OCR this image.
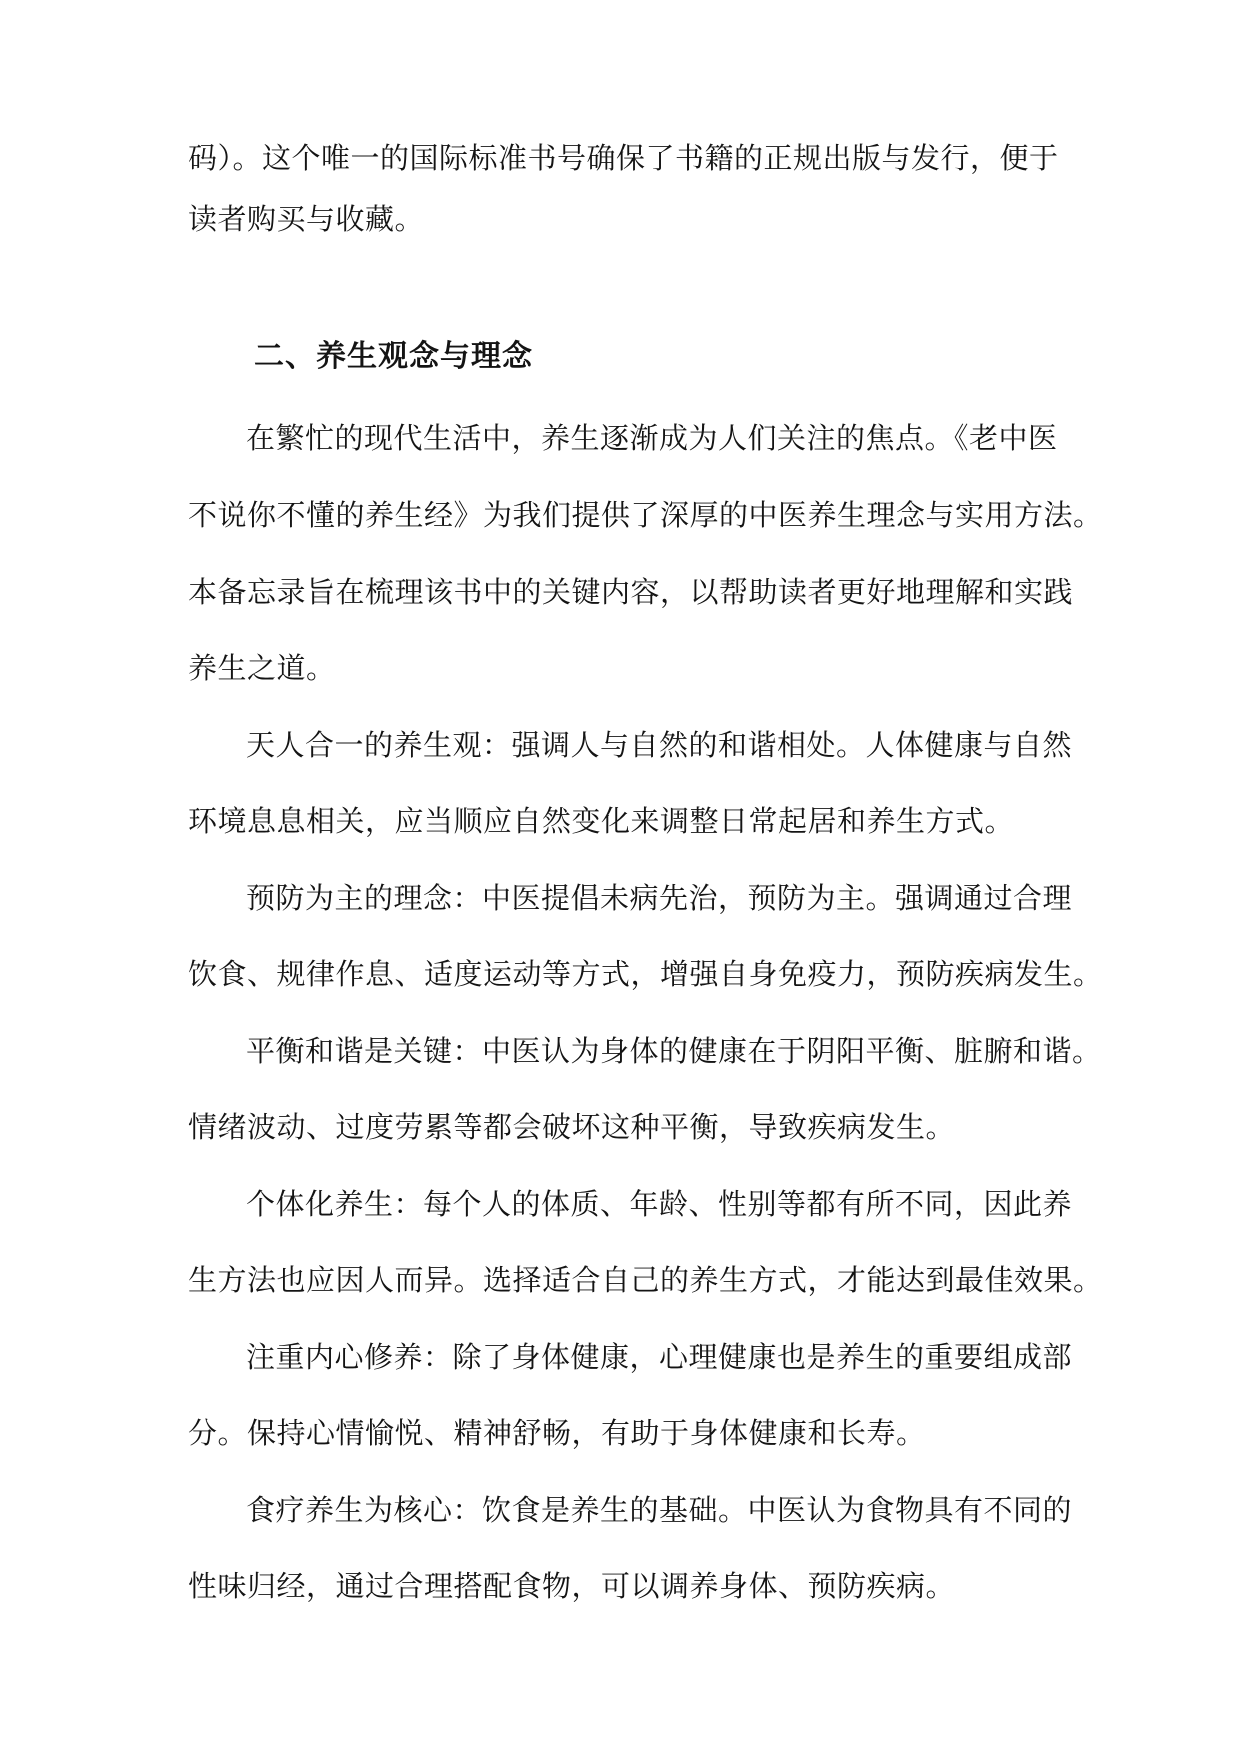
码）。这个唯一的国际标准书号确保了书籍的正规出版与发行，便于
读者购买与收藏。
二、养生观念与理念
在繁忙的现代生活中，养生逐渐成为人们关注的焦点。《老中医
不说你不懂的养生经》为我们提供了深厚的中医养生理念与实用方法。
本备忘录旨在梳理该书中的关键内容，以帮助读者更好地理解和实践
养生之道。
天人合一的养生观：强调人与自然的和谐相处。人体健康与自然
环境息息相关，应当顺应自然变化来调整日常起居和养生方式。
预防为主的理念：中医提倡未病先治，预防为主。强调通过合理
饮食、规律作息、适度运动等方式，增强自身免疫力，预防疾病发生。
平衡和谐是关键：中医认为身体的健康在于阴阳平衡、脏腑和谐。
情绪波动、过度劳累等都会破坏这种平衡，导致疾病发生。
个体化养生：每个人的体质、年龄、性别等都有所不同，因此养
生方法也应因人而异。选择适合自己的养生方式，才能达到最佳效果。
注重内心修养：除了身体健康，心理健康也是养生的重要组成部
分。保持心情愉悦、精神舒畅，有助于身体健康和长寿。
食疗养生为核心：饮食是养生的基础。中医认为食物具有不同的
性味归经，通过合理搭配食物，可以调养身体、预防疾病。
